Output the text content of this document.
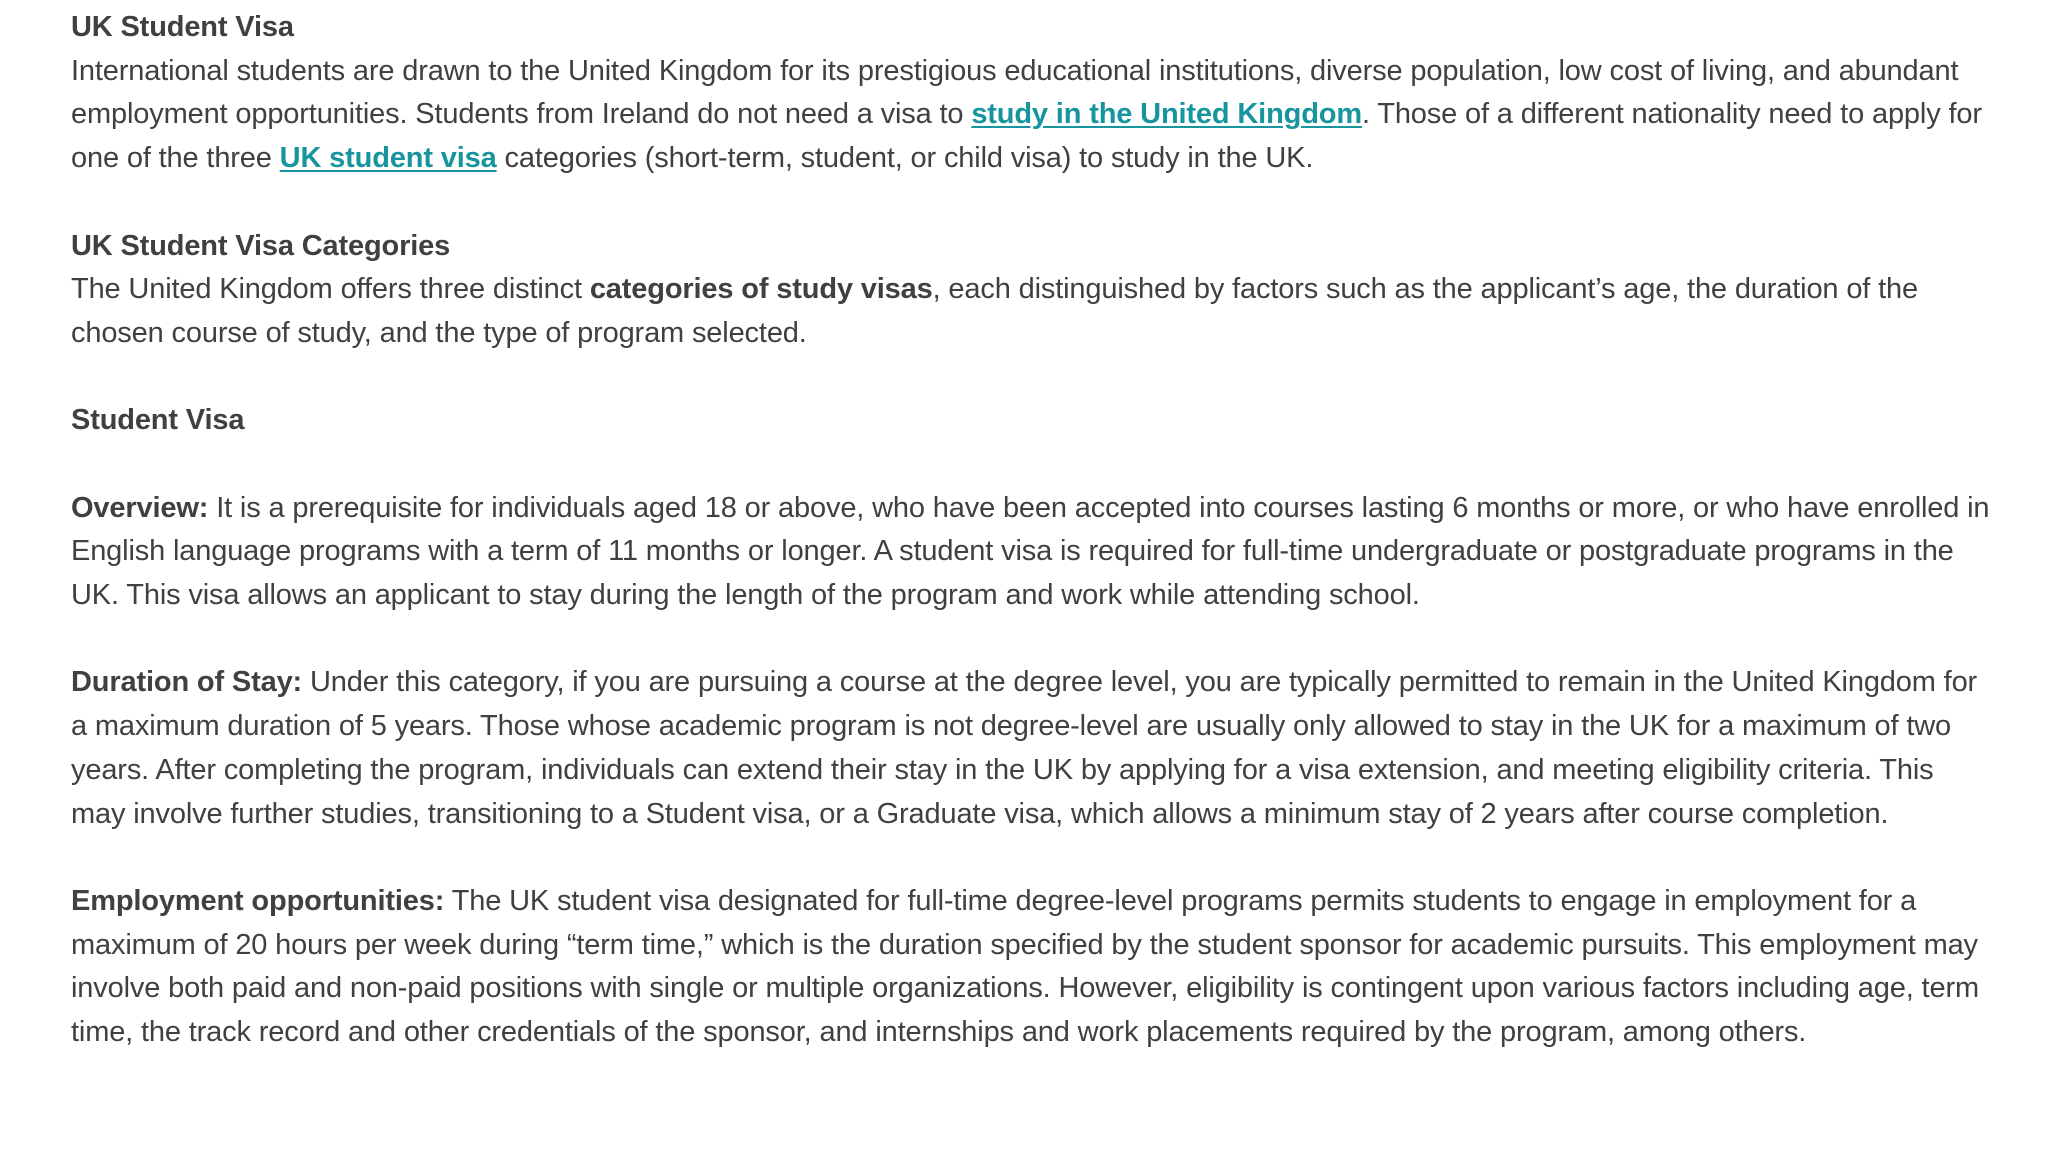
UK Student Visa

International students are drawn to the United Kingdom for its prestigious educational institutions, diverse population, low cost of living, and abundant employment opportunities. Students from Ireland do not need a visa to study in the United Kingdom. Those of a different nationality need to apply for one of the three UK student visa categories (short-term, student, or child visa) to study in the UK.

UK Student Visa Categories

The United Kingdom offers three distinct categories of study visas, each distinguished by factors such as the applicant’s age, the duration of the chosen course of study, and the type of program selected.

Student Visa

Overview: It is a prerequisite for individuals aged 18 or above, who have been accepted into courses lasting 6 months or more, or who have enrolled in English language programs with a term of 11 months or longer. A student visa is required for full-time undergraduate or postgraduate programs in the UK. This visa allows an applicant to stay during the length of the program and work while attending school.

Duration of Stay: Under this category, if you are pursuing a course at the degree level, you are typically permitted to remain in the United Kingdom for a maximum duration of 5 years. Those whose academic program is not degree-level are usually only allowed to stay in the UK for a maximum of two years. After completing the program, individuals can extend their stay in the UK by applying for a visa extension, and meeting eligibility criteria. This may involve further studies, transitioning to a Student visa, or a Graduate visa, which allows a minimum stay of 2 years after course completion.

Employment opportunities: The UK student visa designated for full-time degree-level programs permits students to engage in employment for a maximum of 20 hours per week during “term time,” which is the duration specified by the student sponsor for academic pursuits. This employment may involve both paid and non-paid positions with single or multiple organizations. However, eligibility is contingent upon various factors including age, term time, the track record and other credentials of the sponsor, and internships and work placements required by the program, among others.
